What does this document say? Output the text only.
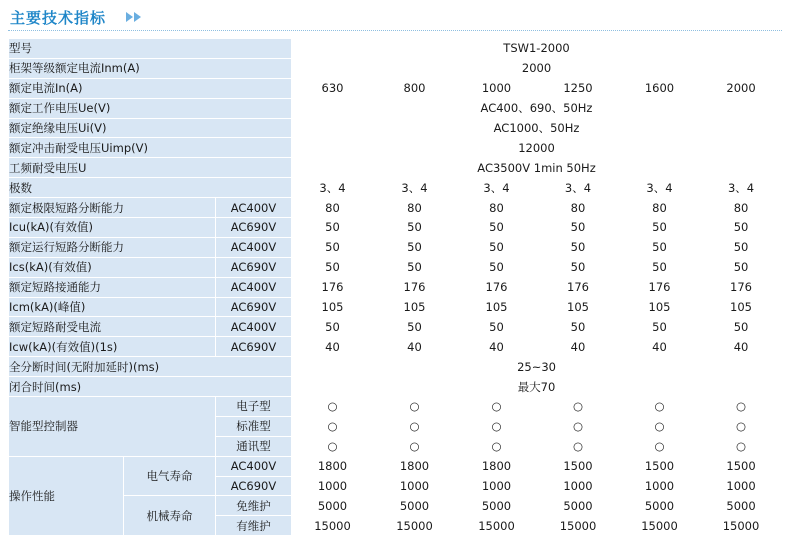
主要技术指标
型号			TSW1-2000					
柜架等级额定电流Inm(A)			2000					
额定电流In(A)			630	800	1000	1250	1600	2000
额定工作电压Ue(V)			AC400、690、50Hz					
额定绝缘电压Ui(V)			AC1000、50Hz					
额定冲击耐受电压Uimp(V)			12000					
工频耐受电压U			AC3500V 1min 50Hz					
极数			3、4	3、4	3、4	3、4	3、4	3、4
额定极限短路分断能力		AC400V	80	80	80	80	80	80
Icu(kA)(有效值)		AC690V	50	50	50	50	50	50
额定运行短路分断能力		AC400V	50	50	50	50	50	50
Ics(kA)(有效值)		AC690V	50	50	50	50	50	50
额定短路接通能力		AC400V	176	176	176	176	176	176
Icm(kA)(峰值)		AC690V	105	105	105	105	105	105
额定短路耐受电流		AC400V	50	50	50	50	50	50
Icw(kA)(有效值)(1s)		AC690V	40	40	40	40	40	40
全分断时间(无附加延时)(ms)			25~30					
闭合时间(ms)			最大70					
智能型控制器		电子型	○	○	○	○	○	○
		标准型	○	○	○	○	○	○
		通讯型	○	○	○	○	○	○
操作性能	电气寿命	AC400V	1800	1800	1800	1500	1500	1500
		AC690V	1000	1000	1000	1000	1000	1000
	机械寿命	免维护	5000	5000	5000	5000	5000	5000
		有维护	15000	15000	15000	15000	15000	15000
